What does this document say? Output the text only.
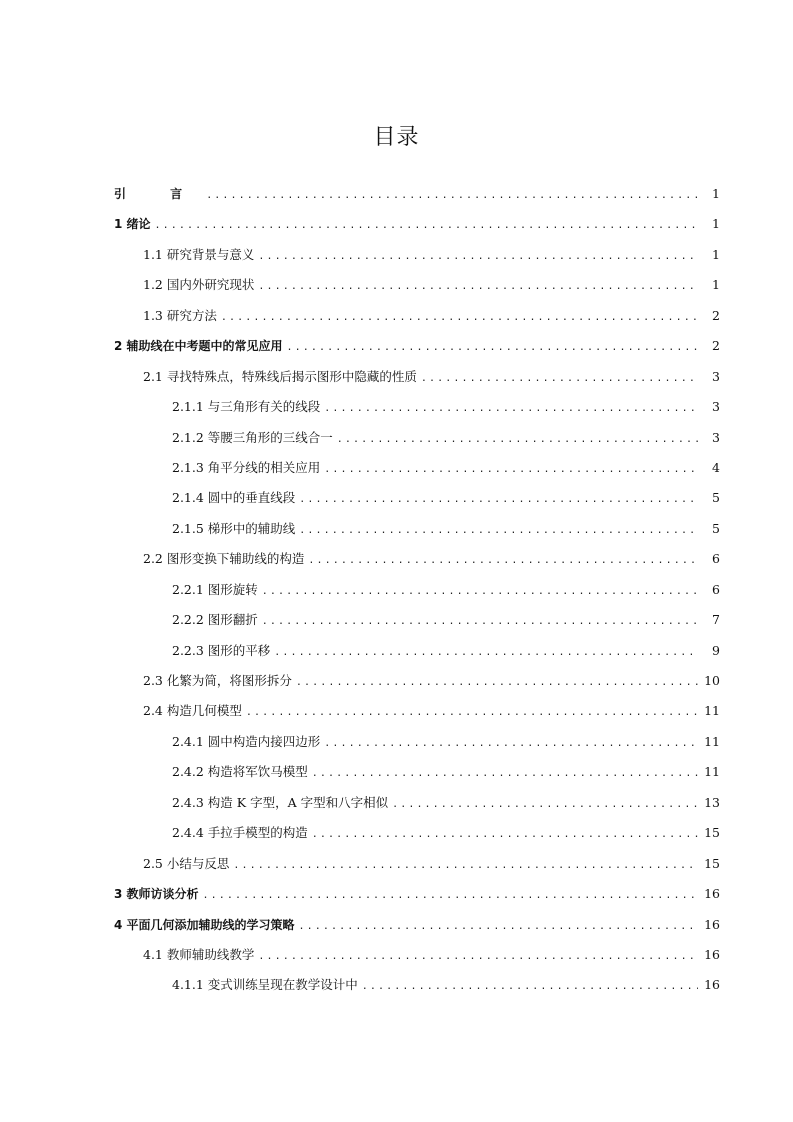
目录
引 言 .....	1
1 绪论 .....	1
1.1 研究背景与意义 .....	1
1.2 国内外研究现状 .....	1
1.3 研究方法 .....	2
2 辅助线在中考题中的常见应用 .....	2
2.1 寻找特殊点，特殊线后揭示图形中隐藏的性质 .....	3
2.1.1 与三角形有关的线段 .....	3
2.1.2 等腰三角形的三线合一 .....	3
2.1.3 角平分线的相关应用 .....	4
2.1.4 圆中的垂直线段 .....	5
2.1.5 梯形中的辅助线 .....	5
2.2 图形变换下辅助线的构造 .....	6
2.2.1 图形旋转 .....	6
2.2.2 图形翻折 .....	7
2.2.3 图形的平移 .....	9
2.3 化繁为简，将图形拆分 .....	10
2.4 构造几何模型 .....	11
2.4.1 圆中构造内接四边形 .....	11
2.4.2 构造将军饮马模型 .....	11
2.4.3 构造 K 字型，A 字型和八字相似 .....	13
2.4.4 手拉手模型的构造 .....	15
2.5 小结与反思 .....	15
3 教师访谈分析 .....	16
4 平面几何添加辅助线的学习策略 .....	16
4.1 教师辅助线教学 .....	16
4.1.1 变式训练呈现在教学设计中 .....	16
